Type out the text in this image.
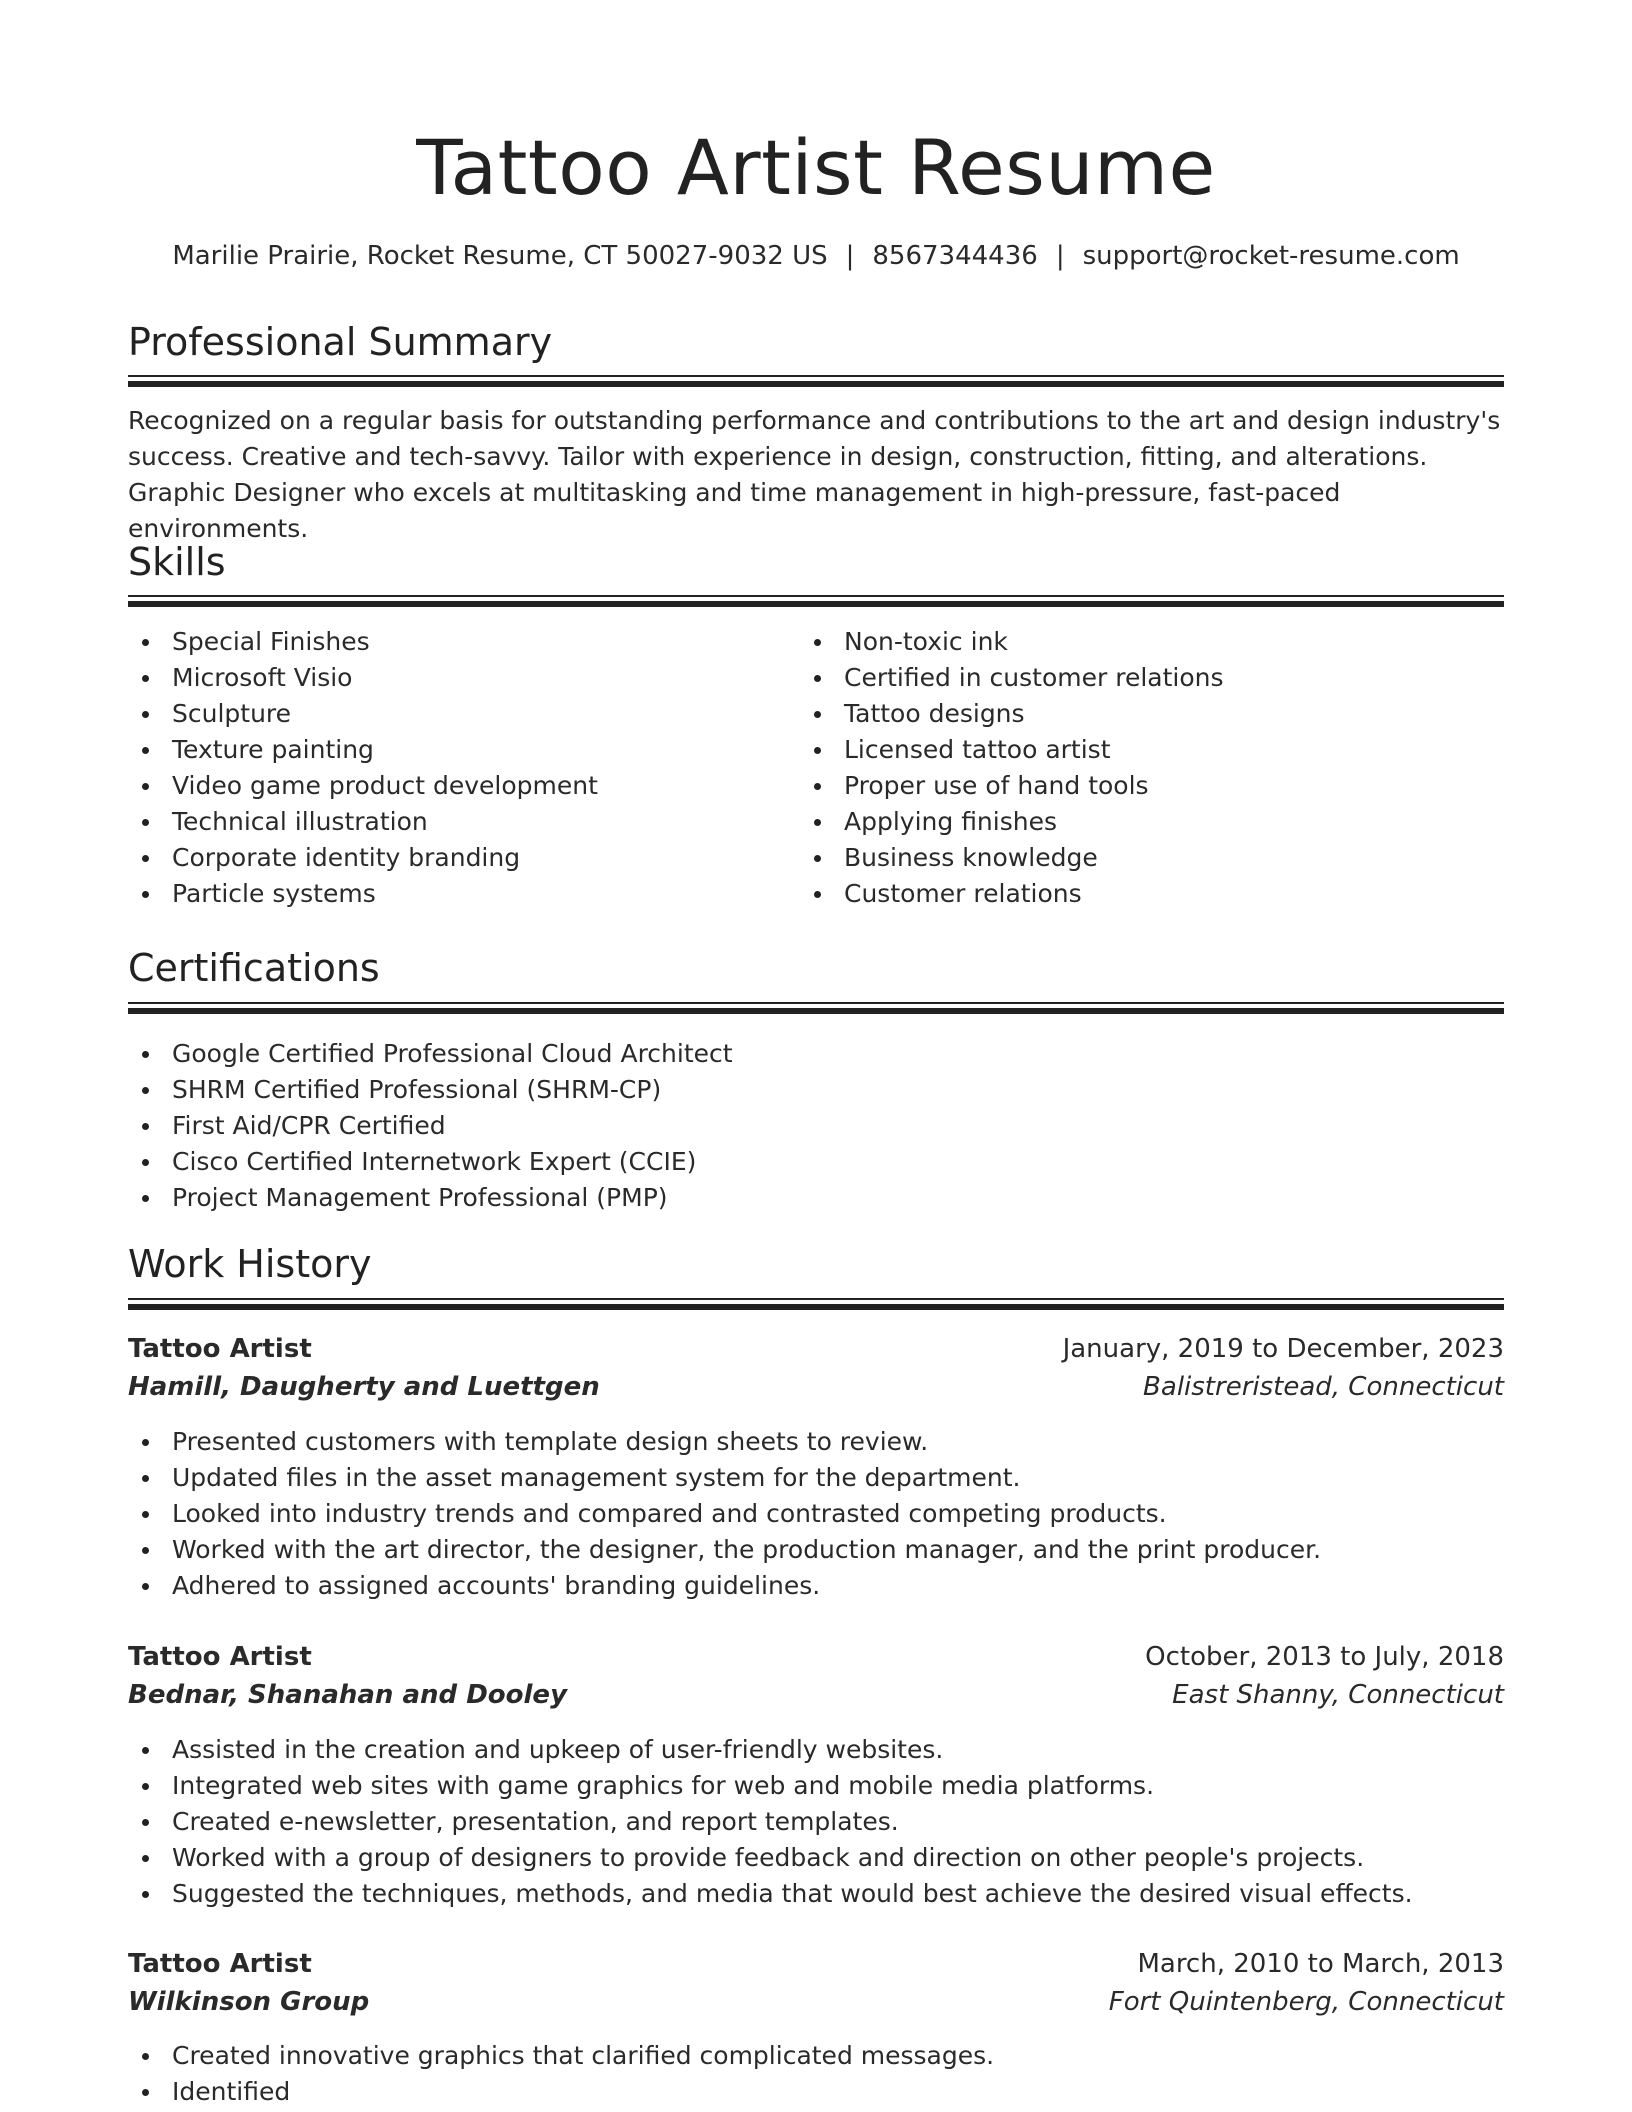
Tattoo Artist Resume
Marilie Prairie, Rocket Resume, CT 50027-9032 US | 8567344436 | support@rocket-resume.com
Professional Summary

Recognized on a regular basis for outstanding performance and contributions to the art and design industry's success. Creative and tech-savvy. Tailor with experience in design, construction, fitting, and alterations. Graphic Designer who excels at multitasking and time management in high-pressure, fast-paced environments.

Skills
Special Finishes
Microsoft Visio
Sculpture
Texture painting
Video game product development
Technical illustration
Corporate identity branding
Particle systems
Non-toxic ink
Certified in customer relations
Tattoo designs
Licensed tattoo artist
Proper use of hand tools
Applying finishes
Business knowledge
Customer relations
Certifications
Google Certified Professional Cloud Architect
SHRM Certified Professional (SHRM-CP)
First Aid/CPR Certified
Cisco Certified Internetwork Expert (CCIE)
Project Management Professional (PMP)
Work History
Tattoo Artist	January, 2019 to December, 2023
Hamill, Daugherty and Luettgen	Balistreristead, Connecticut
Presented customers with template design sheets to review.
Updated files in the asset management system for the department.
Looked into industry trends and compared and contrasted competing products.
Worked with the art director, the designer, the production manager, and the print producer.
Adhered to assigned accounts' branding guidelines.
Tattoo Artist	October, 2013 to July, 2018
Bednar, Shanahan and Dooley	East Shanny, Connecticut
Assisted in the creation and upkeep of user-friendly websites.
Integrated web sites with game graphics for web and mobile media platforms.
Created e-newsletter, presentation, and report templates.
Worked with a group of designers to provide feedback and direction on other people's projects.
Suggested the techniques, methods, and media that would best achieve the desired visual effects.
Tattoo Artist	March, 2010 to March, 2013
Wilkinson Group	Fort Quintenberg, Connecticut
Created innovative graphics that clarified complicated messages.
Identified
